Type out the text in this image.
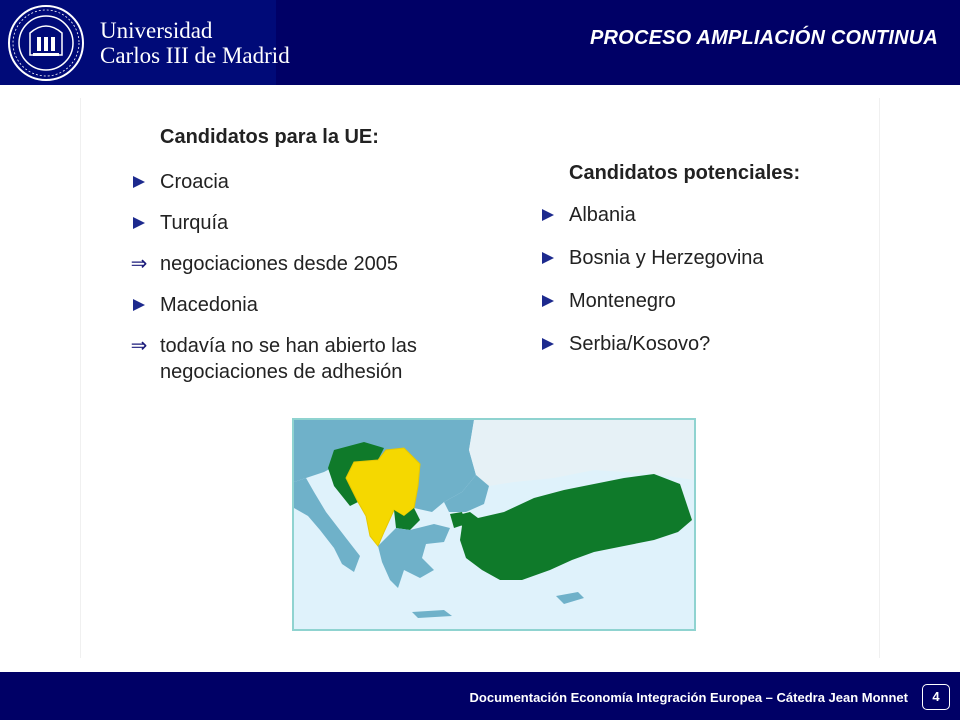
Universidad
Carlos III de Madrid
PROCESO AMPLIACIÓN CONTINUA
Candidatos para la UE:
Croacia
Turquía
⇒ negociaciones desde 2005
Macedonia
⇒ todavía no se han abierto las
negociaciones de adhesión
Candidatos potenciales:
Albania
Bosnia y Herzegovina
Montenegro
Serbia/Kosovo?
Documentación Economía Integración Europea – Cátedra Jean Monnet	4
